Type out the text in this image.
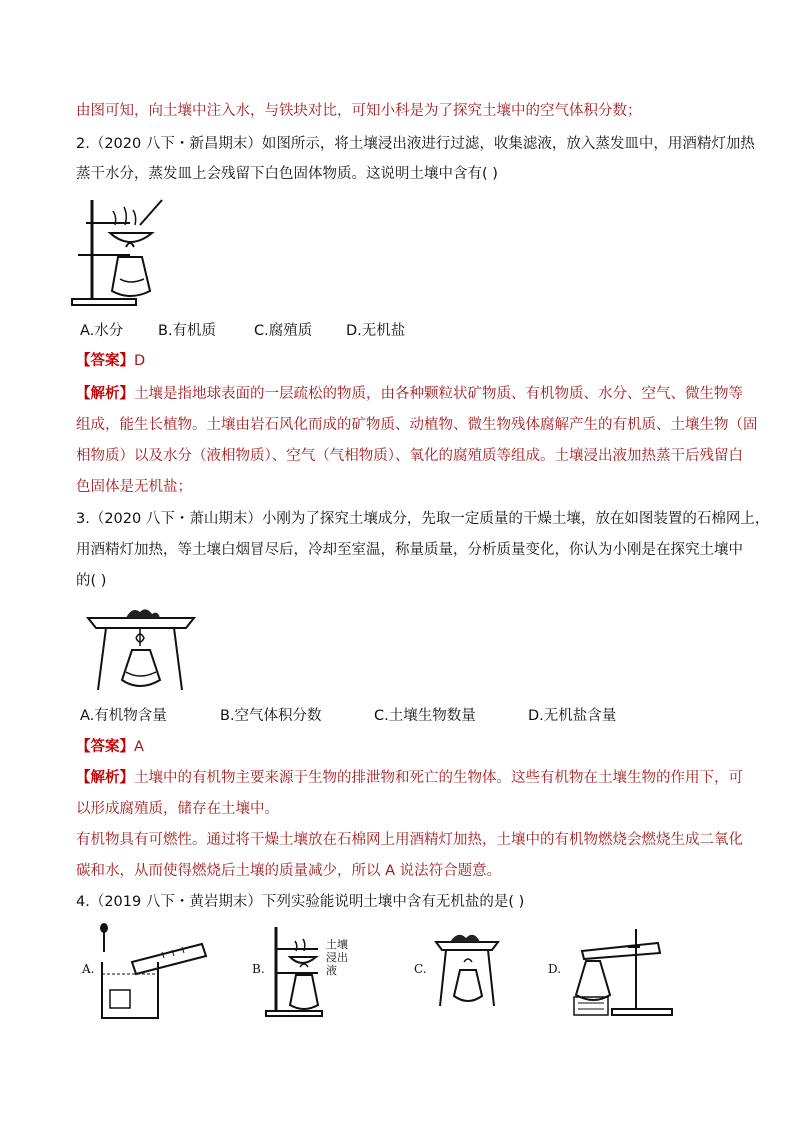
由图可知，向土壤中注入水，与铁块对比，可知小科是为了探究土壤中的空气体积分数；
2.（2020 八下・新昌期末）如图所示，将土壤浸出液进行过滤，收集滤液，放入蒸发皿中，用酒精灯加热
蒸干水分，蒸发皿上会残留下白色固体物质。这说明土壤中含有( )
A.水分 B.有机质	C.腐殖质 D.无机盐
【答案】D
【解析】土壤是指地球表面的一层疏松的物质，由各种颗粒状矿物质、有机物质、水分、空气、微生物等
组成，能生长植物。土壤由岩石风化而成的矿物质、动植物、微生物残体腐解产生的有机质、土壤生物（固
相物质）以及水分（液相物质）、空气（气相物质）、氧化的腐殖质等组成。土壤浸出液加热蒸干后残留白
色固体是无机盐；
3.（2020 八下・萧山期末）小刚为了探究土壤成分，先取一定质量的干燥土壤，放在如图装置的石棉网上，
用酒精灯加热，等土壤白烟冒尽后，冷却至室温，称量质量，分析质量变化，你认为小刚是在探究土壤中
的( )
A.有机物含量	B.空气体积分数	C.土壤生物数量	D.无机盐含量
【答案】A
【解析】土壤中的有机物主要来源于生物的排泄物和死亡的生物体。这些有机物在土壤生物的作用下，可
以形成腐殖质，储存在土壤中。
有机物具有可燃性。通过将干燥土壤放在石棉网上用酒精灯加热，土壤中的有机物燃烧会燃烧生成二氧化
碳和水，从而使得燃烧后土壤的质量减少，所以 A 说法符合题意。
4.（2019 八下・黄岩期末）下列实验能说明土壤中含有无机盐的是( )
A.	B.
土壤
浸出
液	C.	D.
